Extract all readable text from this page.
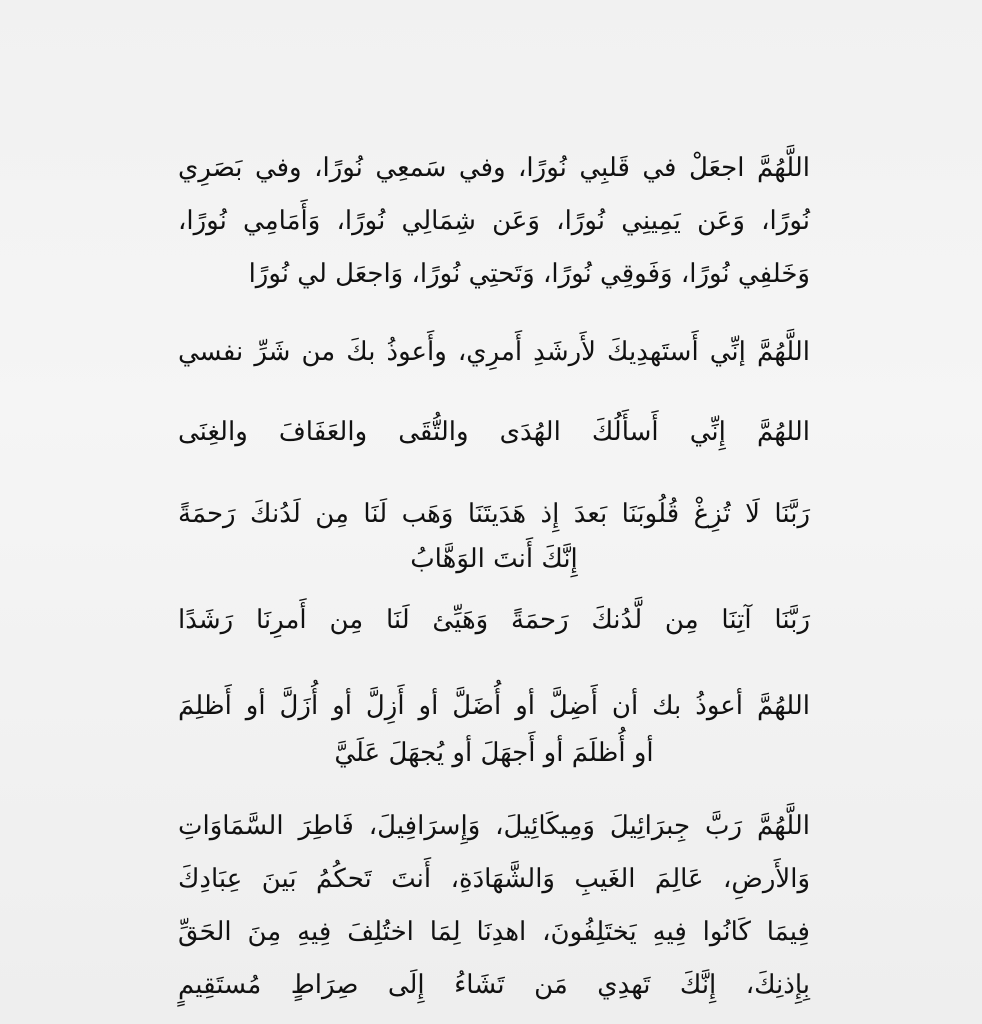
اللَّهُمَّ اجعَلْ في قَلبِي نُورًا، وفي سَمعِي نُورًا، وفي بَصَرِي
نُورًا، وَعَن يَمِينِي نُورًا، وَعَن شِمَالِي نُورًا، وَأَمَامِي نُورًا،
وَخَلفِي نُورًا، وَفَوقِي نُورًا، وَتَحتِي نُورًا، وَاجعَل لي نُورًا
اللَّهُمَّ إنِّي أَستَهدِيكَ لأَرشَدِ أَمرِي، وأَعوذُ بكَ من شَرِّ نفسي
اللهُمَّ إِنِّي أَسأَلُكَ الهُدَى والتُّقَى والعَفَافَ والغِنَى
رَبَّنَا لَا تُزِغْ قُلُوبَنَا بَعدَ إِذ هَدَيتَنَا وَهَب لَنَا مِن لَدُنكَ رَحمَةً
إِنَّكَ أَنتَ الوَهَّابُ
رَبَّنَا آتِنَا مِن لَّدُنكَ رَحمَةً وَهَيِّئ لَنَا مِن أَمرِنَا رَشَدًا
اللهُمَّ أعوذُ بك أن أَضِلَّ أو أُضَلَّ أو أَزِلَّ أو أُزَلَّ أو أَظلِمَ
أو أُظلَمَ أو أَجهَلَ أو يُجهَلَ عَلَيَّ
اللَّهُمَّ رَبَّ جِبرَائِيلَ وَمِيكَائِيلَ، وَإِسرَافِيلَ، فَاطِرَ السَّمَاوَاتِ
وَالأَرضِ، عَالِمَ الغَيبِ وَالشَّهَادَةِ، أَنتَ تَحكُمُ بَينَ عِبَادِكَ
فِيمَا كَانُوا فِيهِ يَختَلِفُونَ، اهدِنَا لِمَا اختُلِفَ فِيهِ مِنَ الحَقِّ
بِإِذنِكَ، إِنَّكَ تَهدِي مَن تَشَاءُ إِلَى صِرَاطٍ مُستَقِيمٍ
